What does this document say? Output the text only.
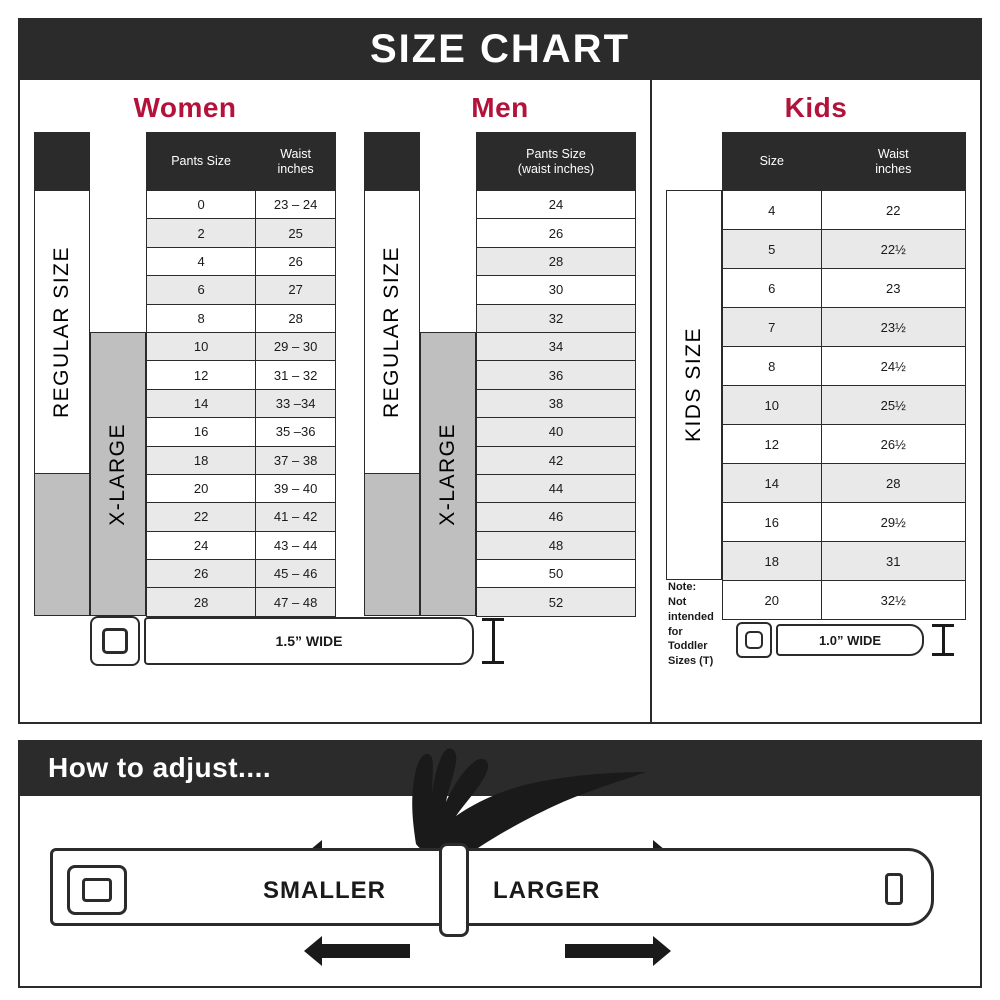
SIZE CHART
Women
REGULAR SIZE
X-LARGE
Pants Size	Waist
inches
0	23 – 24
2	25
4	26
6	27
8	28
10	29 – 30
12	31 – 32
14	33 –34
16	35 –36
18	37 – 38
20	39 – 40
22	41 – 42
24	43 – 44
26	45 – 46
28	47 – 48
Men
REGULAR SIZE
X-LARGE
Pants Size
(waist inches)
24
26
28
30
32
34
36
38
40
42
44
46
48
50
52
Kids
KIDS SIZE
Note:
Not intended for
Toddler Sizes (T)
Size	Waist
inches
4	22
5	22½
6	23
7	23½
8	24½
10	25½
12	26½
14	28
16	29½
18	31
20	32½
1.5” WIDE	1.0” WIDE
How to adjust....
SMALLER	LARGER
